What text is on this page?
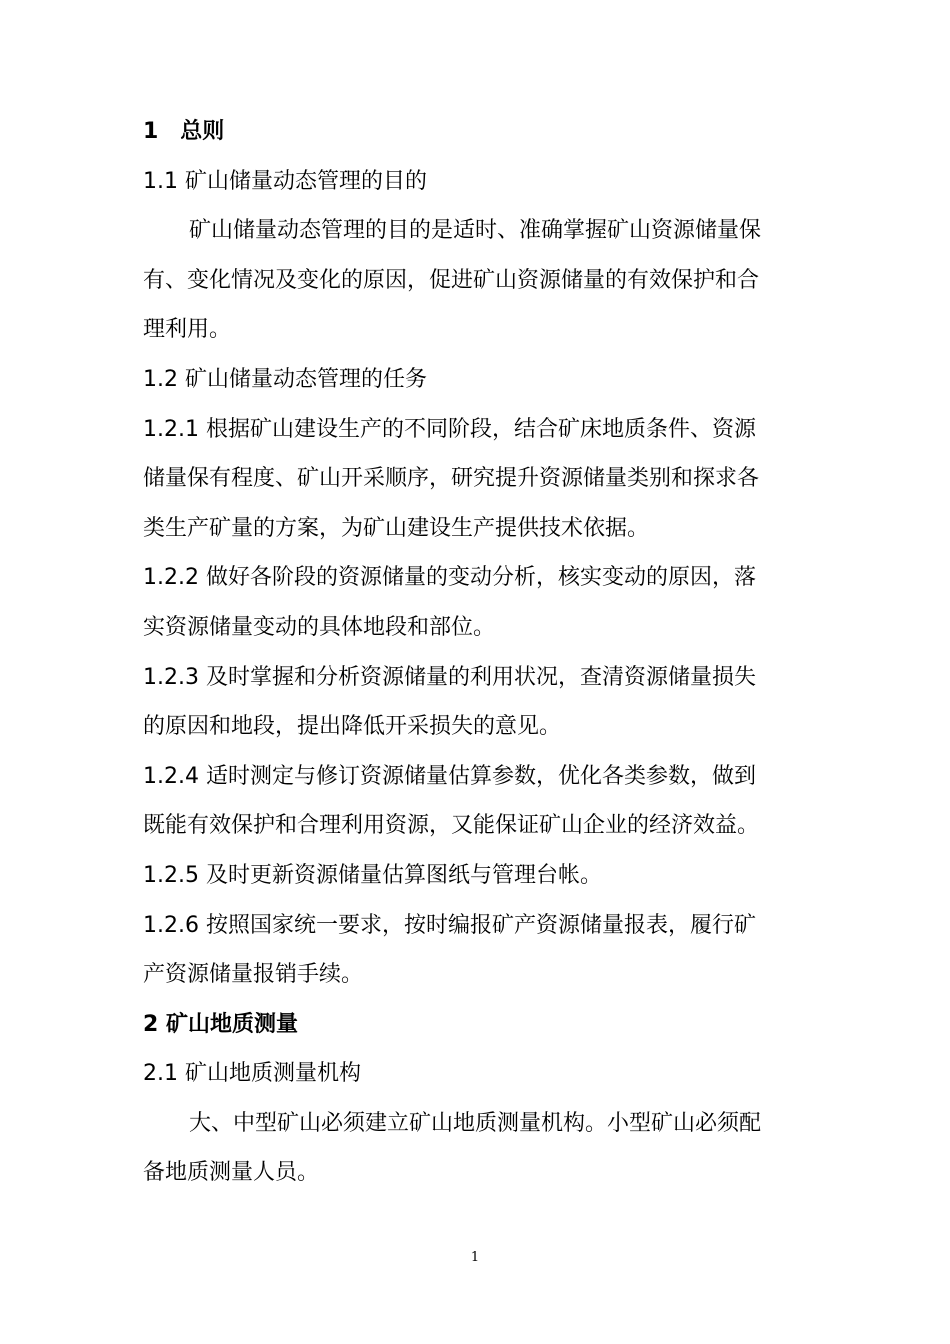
1　总则
1.1 矿山储量动态管理的目的
矿山储量动态管理的目的是适时、准确掌握矿山资源储量保
有、变化情况及变化的原因，促进矿山资源储量的有效保护和合
理利用。
1.2 矿山储量动态管理的任务
1.2.1 根据矿山建设生产的不同阶段，结合矿床地质条件、资源
储量保有程度、矿山开采顺序，研究提升资源储量类别和探求各
类生产矿量的方案，为矿山建设生产提供技术依据。
1.2.2 做好各阶段的资源储量的变动分析，核实变动的原因，落
实资源储量变动的具体地段和部位。
1.2.3 及时掌握和分析资源储量的利用状况，查清资源储量损失
的原因和地段，提出降低开采损失的意见。
1.2.4 适时测定与修订资源储量估算参数，优化各类参数，做到
既能有效保护和合理利用资源，又能保证矿山企业的经济效益。
1.2.5 及时更新资源储量估算图纸与管理台帐。
1.2.6 按照国家统一要求，按时编报矿产资源储量报表，履行矿
产资源储量报销手续。
2 矿山地质测量
2.1 矿山地质测量机构
大、中型矿山必须建立矿山地质测量机构。小型矿山必须配
备地质测量人员。
1
